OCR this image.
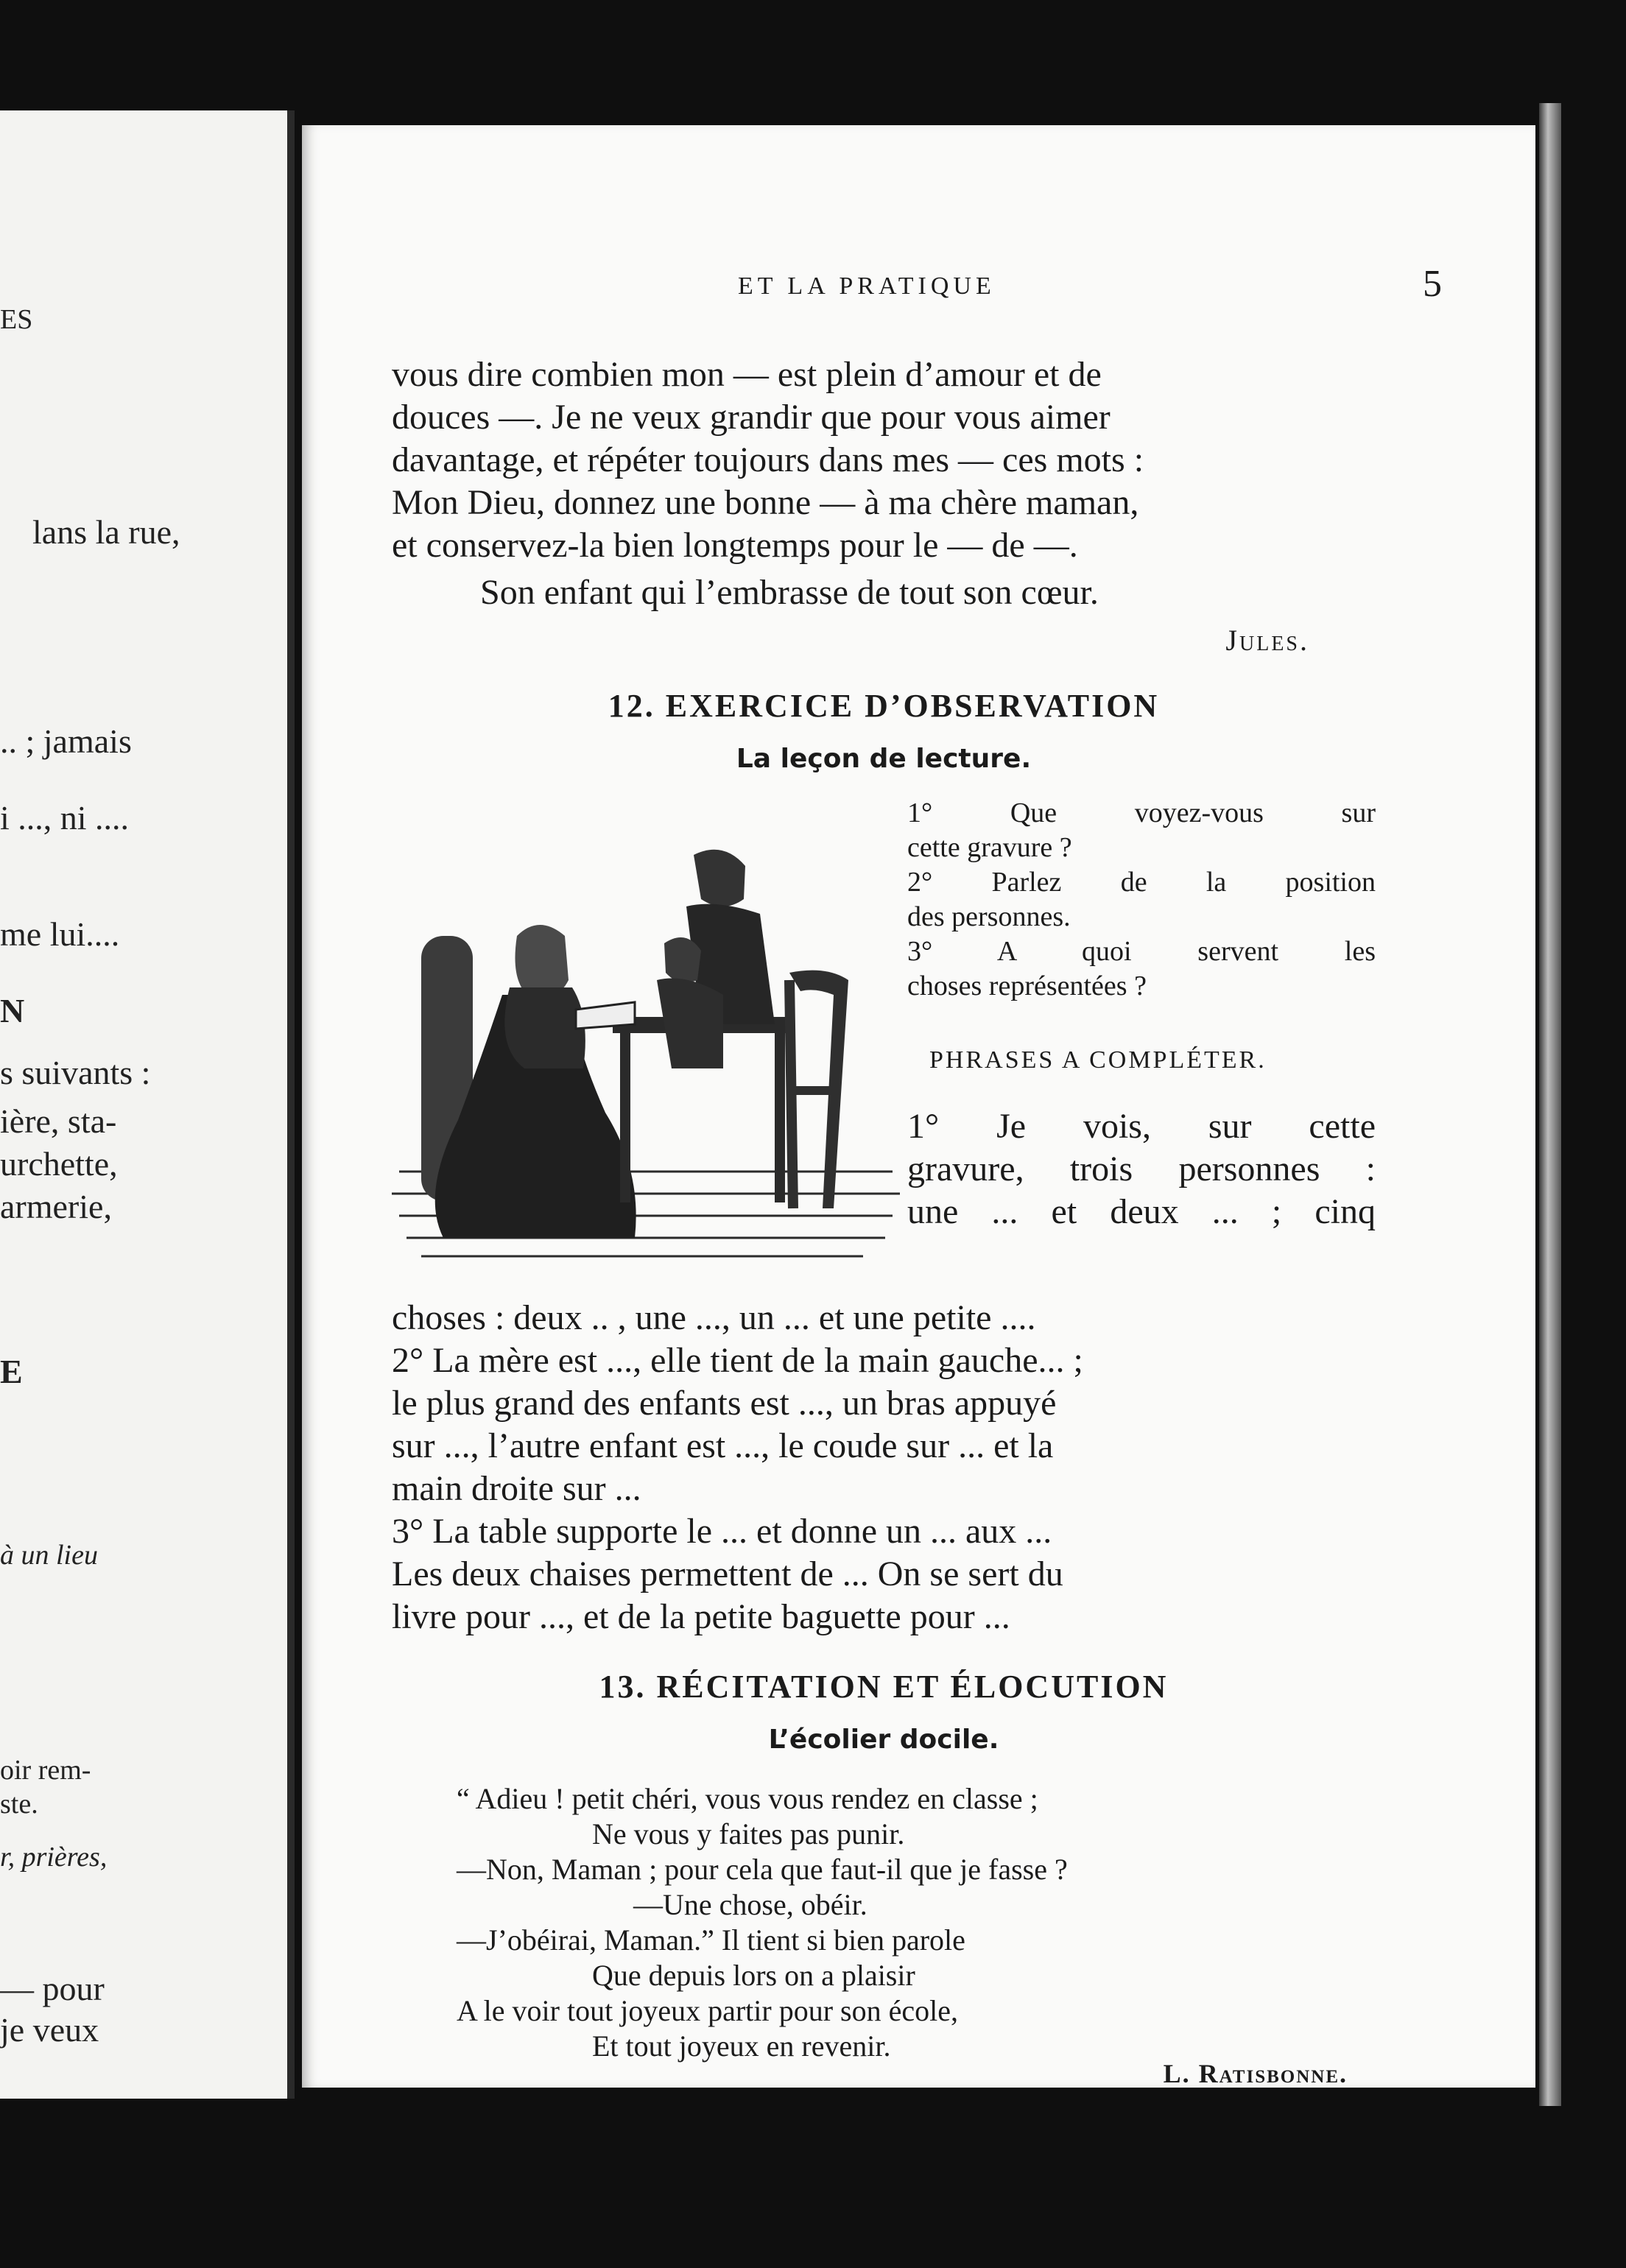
ES
lans la rue,
.. ; jamais
i ..., ni ....
me lui....
N
s suivants :
ière, sta-
urchette,
armerie,
E
à un lieu
oir rem-
ste.
r, prières,
— pour
je veux
ET LA PRATIQUE	5
vous dire combien mon — est plein d’amour et de
douces —. Je ne veux grandir que pour vous aimer
davantage, et répéter toujours dans mes — ces mots :
Mon Dieu, donnez une bonne — à ma chère maman,
et conservez-la bien longtemps pour le — de —.
Son enfant qui l’embrasse de tout son cœur.
Jules.
12. EXERCICE D’OBSERVATION
La leçon de lecture.
1° Que voyez-vous sur
cette gravure ?
2° Parlez de la position
des personnes.
3° A quoi servent les
choses représentées ?
PHRASES A COMPLÉTER.
1° Je vois, sur cette
gravure, trois personnes :
une ... et deux ... ; cinq
choses : deux .. , une ..., un ... et une petite ....
2° La mère est ..., elle tient de la main gauche... ;
le plus grand des enfants est ..., un bras appuyé
sur ..., l’autre enfant est ..., le coude sur ... et la
main droite sur ...
3° La table supporte le ... et donne un ... aux ...
Les deux chaises permettent de ... On se sert du
livre pour ..., et de la petite baguette pour ...
13. RÉCITATION ET ÉLOCUTION
L’écolier docile.
“ Adieu ! petit chéri, vous vous rendez en classe ;
Ne vous y faites pas punir.
—Non, Maman ; pour cela que faut-il que je fasse ?
—Une chose, obéir.
—J’obéirai, Maman.” Il tient si bien parole
Que depuis lors on a plaisir
A le voir tout joyeux partir pour son école,
Et tout joyeux en revenir.
L. Ratisbonne.
